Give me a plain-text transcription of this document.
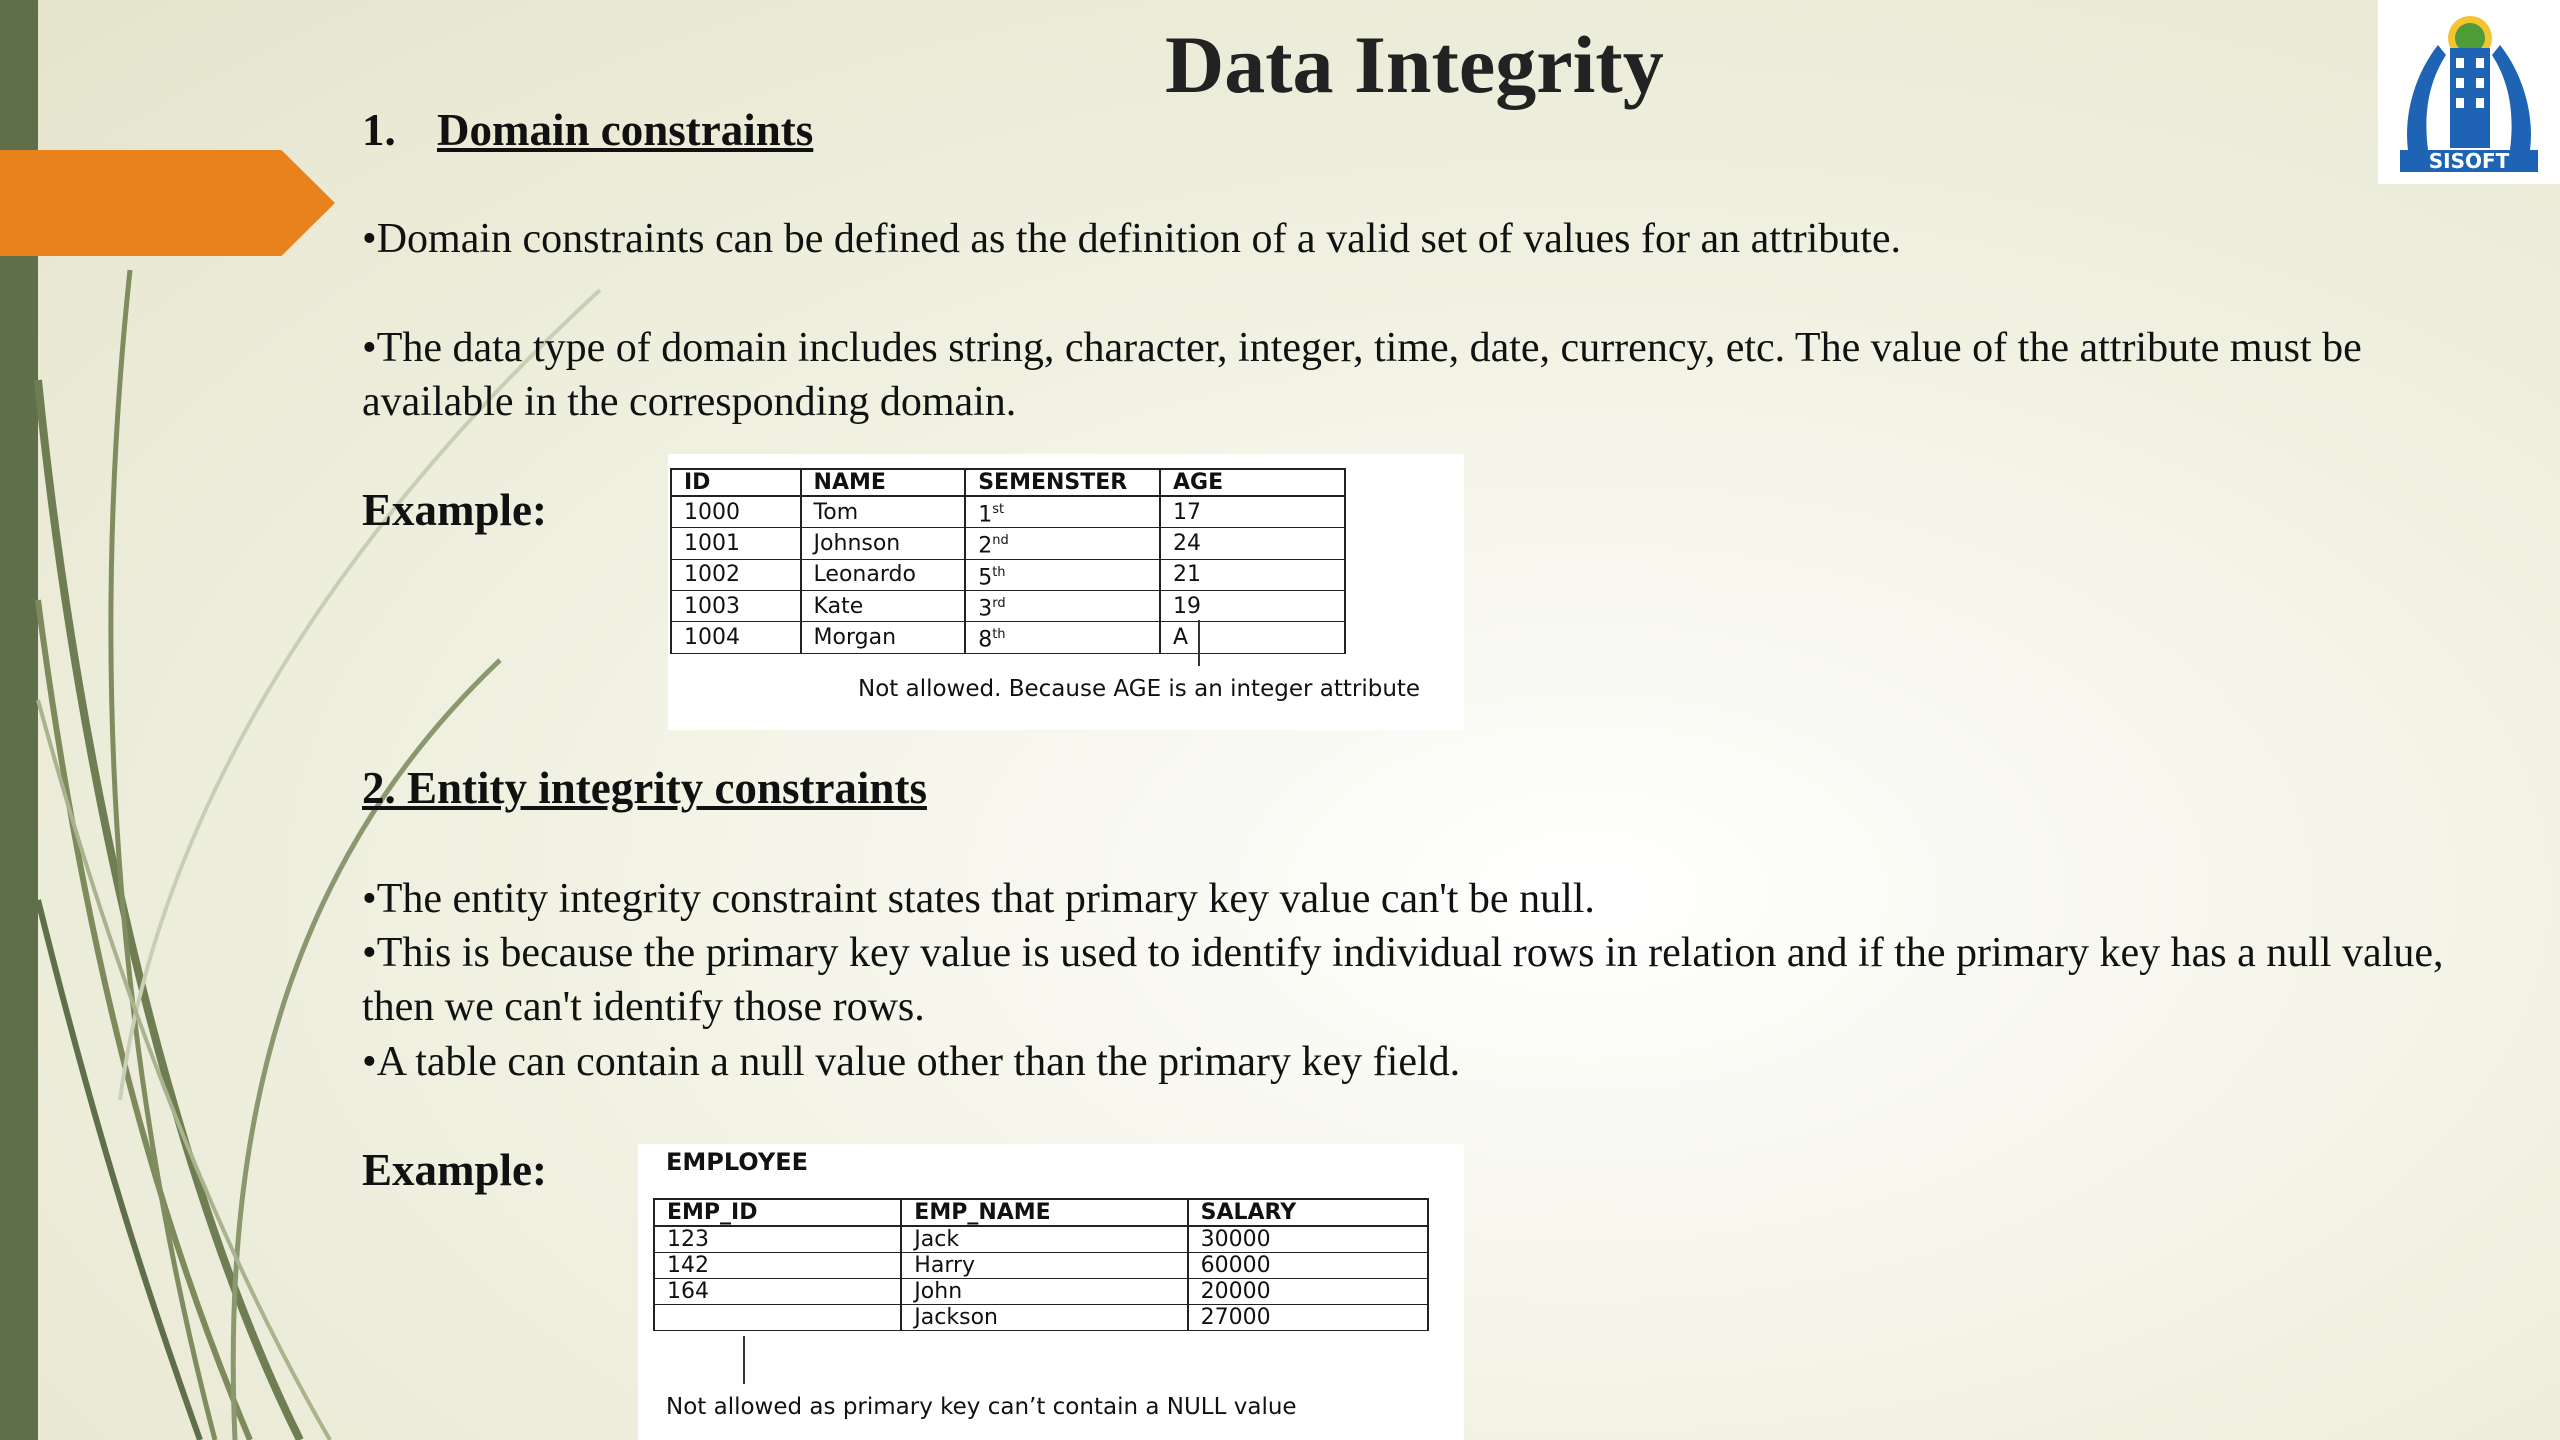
Data Integrity
SISOFT
1. Domain constraints

•Domain constraints can be defined as the definition of a valid set of values for an attribute.

•The data type of domain includes string, character, integer, time, date, currency, etc. The value of the attribute must be available in the corresponding domain.

Example:
ID	NAME	SEMENSTER	AGE
1000	Tom	1st	17
1001	Johnson	2nd	24
1002	Leonardo	5th	21
1003	Kate	3rd	19
1004	Morgan	8th	A
Not allowed. Because AGE is an integer attribute
2. Entity integrity constraints

•The entity integrity constraint states that primary key value can't be null.

•This is because the primary key value is used to identify individual rows in relation and if the primary key has a null value, then we can't identify those rows.

•A table can contain a null value other than the primary key field.

Example:	EMPLOYEE
EMP_ID	EMP_NAME	SALARY
123	Jack	30000
142	Harry	60000
164	John	20000
	Jackson	27000
Not allowed as primary key can’t contain a NULL value
